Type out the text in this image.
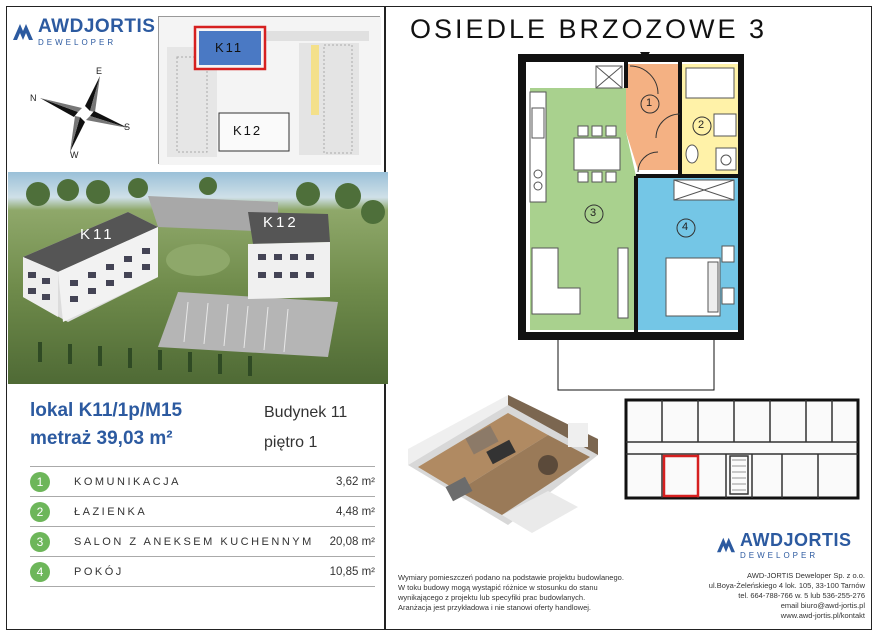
AWDJORTIS
DEWELOPER
E
N
S
W
K11
K12
K11
K12
lokal K11/1p/M15
metraż 39,03 m²
Budynek 11
piętro 1
1	KOMUNIKACJA	3,62 m²
2	ŁAZIENKA	4,48 m²
3	SALON Z ANEKSEM KUCHENNYM	20,08 m²
4	POKÓJ	10,85 m²
OSIEDLE BRZOZOWE 3
1
2
3
4
AWDJORTIS
DEWELOPER
Wymiary pomieszczeń podano na podstawie projektu budowlanego.
W toku budowy mogą wystąpić różnice w stosunku do stanu
wynikającego z projektu lub specyfiki prac budowlanych.
Aranżacja jest przykładowa i nie stanowi oferty handlowej.
AWD-JORTIS Deweloper Sp. z o.o.
ul.Boya-Żeleńskiego 4 lok. 105, 33-100 Tarnów
tel. 664-788-766 w. 5 lub 536-255-276
email biuro@awd-jortis.pl
www.awd-jortis.pl/kontakt
